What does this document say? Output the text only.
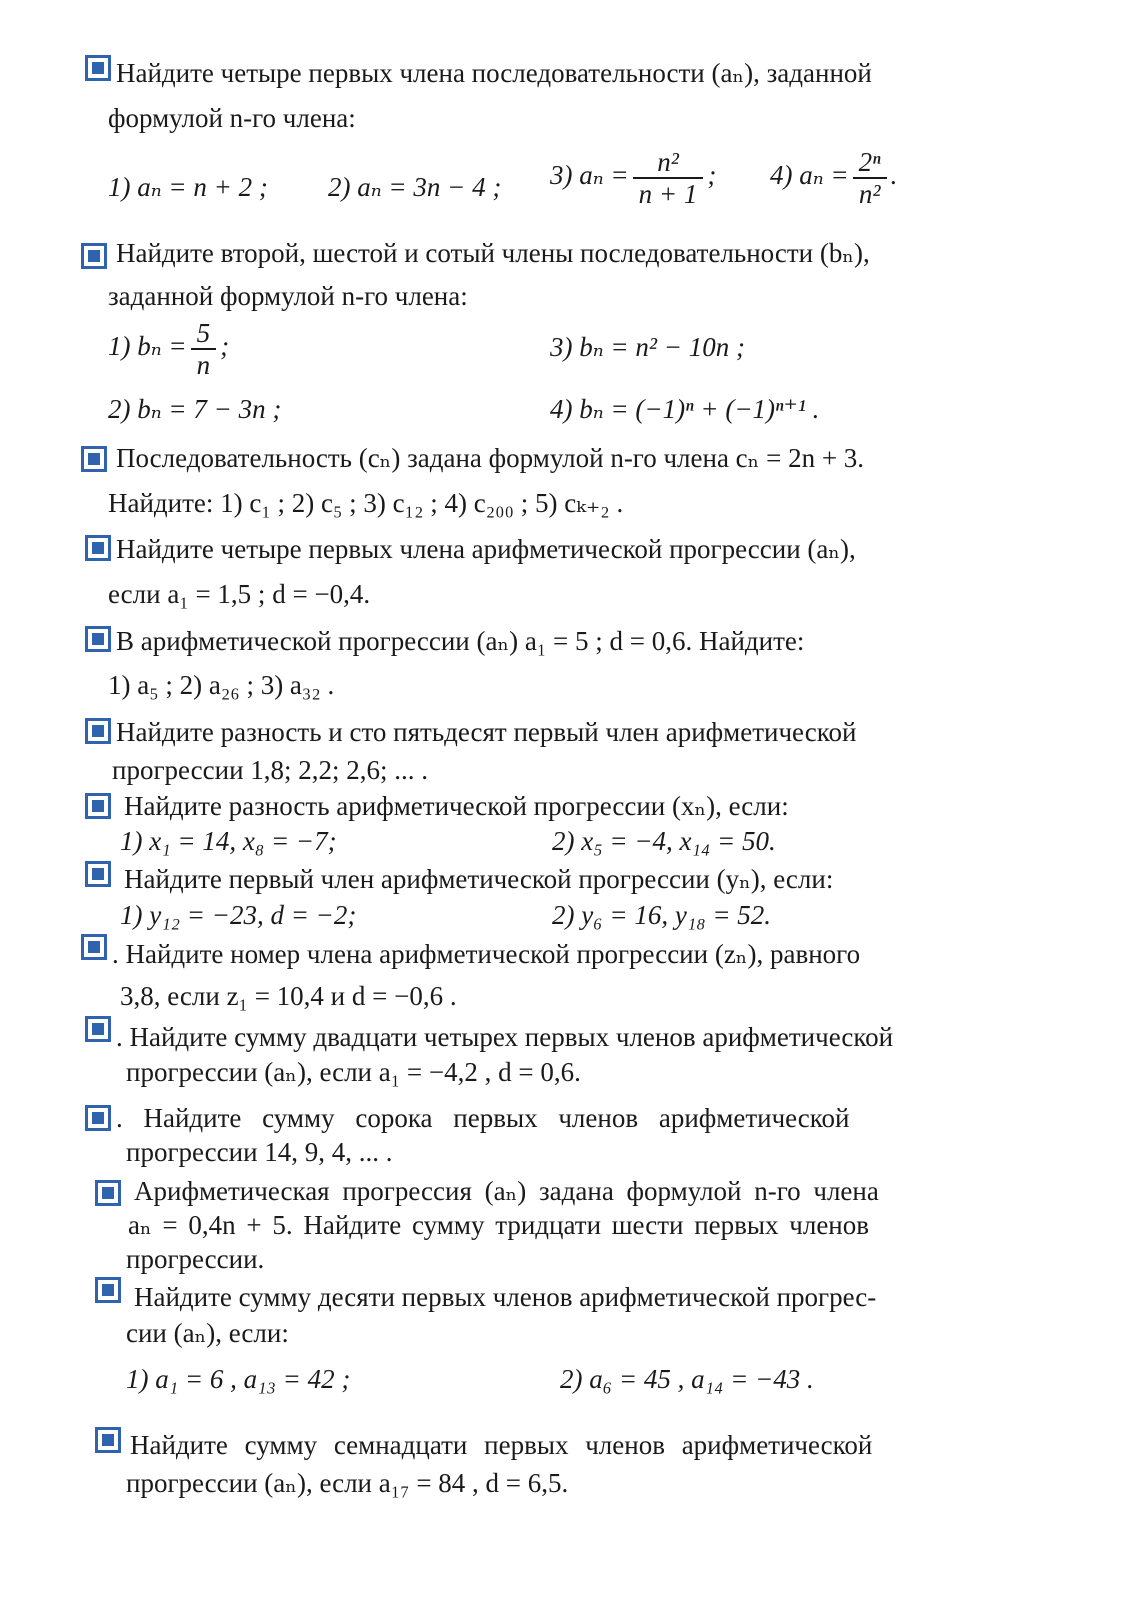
Найдите четыре первых члена последовательности (aₙ), заданной
формулой n-го члена:
1) aₙ = n + 2 ; 2) aₙ = 3n − 4 ; 3) $a_n = \frac{\text{n²}}{n + 1}$ ; 4) $a_n = \frac{\text{2ⁿ}}{\text{n²}}$ .
Найдите второй, шестой и сотый члены последовательности (bₙ),
заданной формулой n-го члена:
1) $b_n = \frac{5}{n}$ ;	3) bₙ = n² − 10n ;
2) bₙ = 7 − 3n ;	4) bₙ = (−1)ⁿ + (−1)ⁿ⁺¹ .
Последовательность (cₙ) задана формулой n-го члена cₙ = 2n + 3.
Найдите: 1) c₁ ; 2) c₅ ; 3) c₁₂ ; 4) c₂₀₀ ; 5) cₖ₊₂ .
Найдите четыре первых члена арифметической прогрессии (aₙ),
если a₁ = 1,5 ; d = −0,4.
В арифметической прогрессии (aₙ) a₁ = 5 ; d = 0,6. Найдите:
1) a₅ ; 2) a₂₆ ; 3) a₃₂ .
Найдите разность и сто пятьдесят первый член арифметической
прогрессии 1,8; 2,2; 2,6; ... .
Найдите разность арифметической прогрессии (xₙ), если:
1) x₁ = 14, x₈ = −7;	2) x₅ = −4, x₁₄ = 50.
Найдите первый член арифметической прогрессии (yₙ), если:
1) y₁₂ = −23, d = −2;	2) y₆ = 16, y₁₈ = 52.
. Найдите номер члена арифметической прогрессии (zₙ), равного
3,8, если z₁ = 10,4 и d = −0,6 .
. Найдите сумму двадцати четырех первых членов арифметической
прогрессии (aₙ), если a₁ = −4,2 , d = 0,6.
. Найдите сумму сорока первых членов арифметической
прогрессии 14, 9, 4, ... .
Арифметическая прогрессия (aₙ) задана формулой n-го члена
aₙ = 0,4n + 5. Найдите сумму тридцати шести первых членов
прогрессии.
Найдите сумму десяти первых членов арифметической прогрес-
сии (aₙ), если:
1) a₁ = 6 , a₁₃ = 42 ;	2) a₆ = 45 , a₁₄ = −43 .
Найдите сумму семнадцати первых членов арифметической
прогрессии (aₙ), если a₁₇ = 84 , d = 6,5.
